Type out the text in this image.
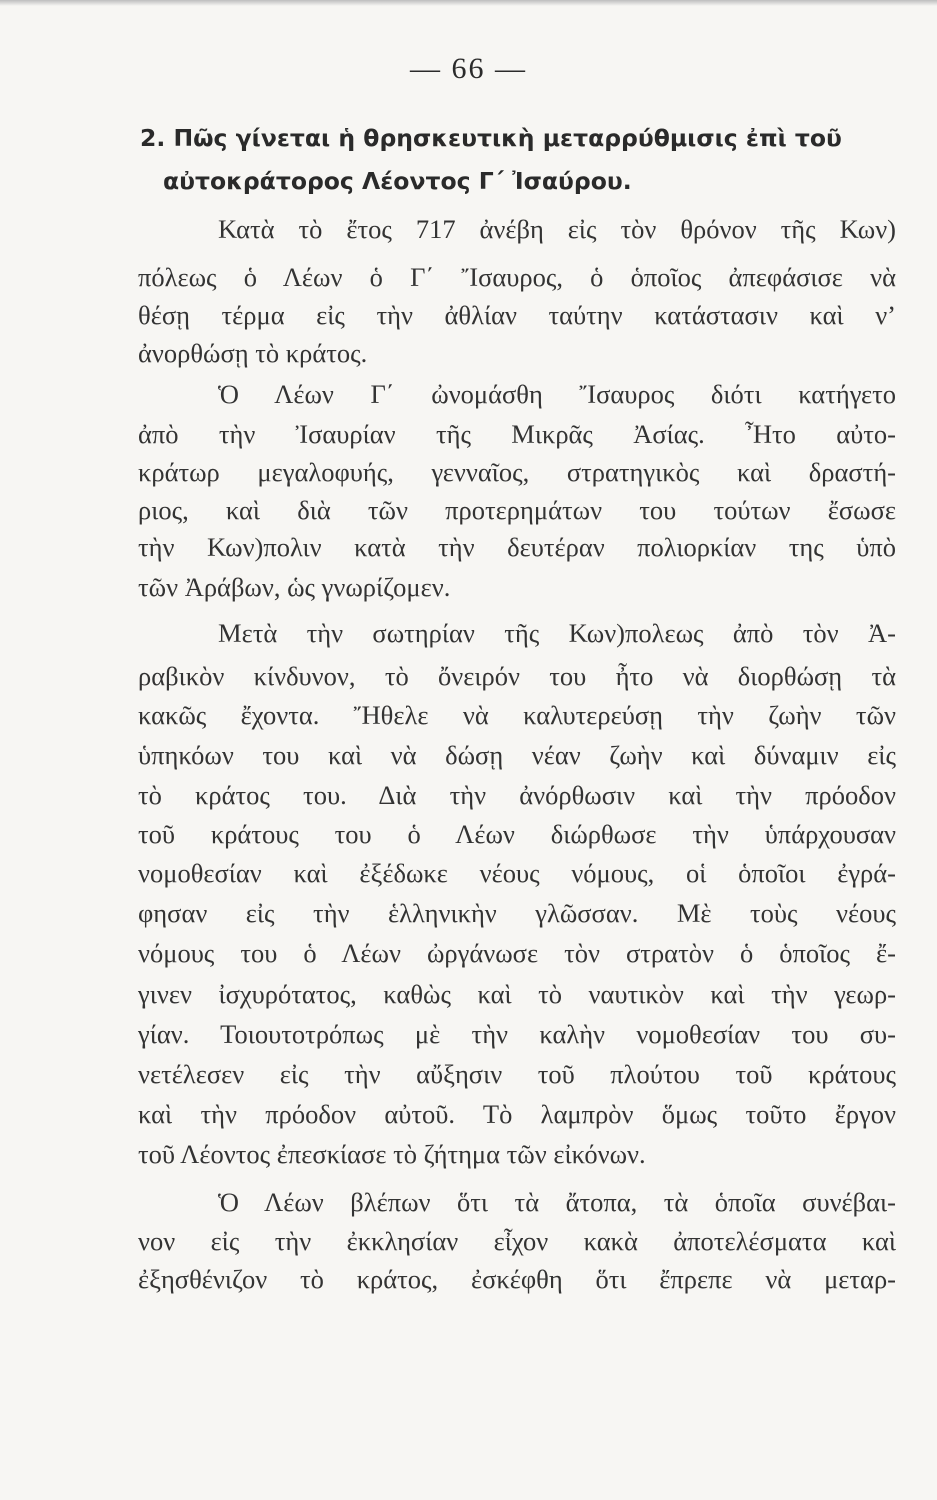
— 66 —
2. Πῶς γίνεται ἡ θρησκευτικὴ μεταρρύθμισις ἐπὶ τοῦ
αὐτοκράτορος Λέοντος Γ΄ Ἰσαύρου.
Κατὰ τὸ ἔτος 717 ἀνέβη εἰς τὸν θρόνον τῆς Κων)
πόλεως ὁ Λέων ὁ Γ΄ Ἴσαυρος, ὁ ὁποῖος ἀπεφάσισε νὰ
θέσῃ τέρμα εἰς τὴν ἀθλίαν ταύτην κατάστασιν καὶ ν’
ἀνορθώσῃ τὸ κράτος.
Ὁ Λέων Γ΄ ὠνομάσθη Ἴσαυρος διότι κατήγετο
ἀπὸ τὴν Ἰσαυρίαν τῆς Μικρᾶς Ἀσίας. Ἦτο αὐτο-
κράτωρ μεγαλοφυής, γενναῖος, στρατηγικὸς καὶ δραστή-
ριος, καὶ διὰ τῶν προτερημάτων του τούτων ἔσωσε
τὴν Κων)πολιν κατὰ τὴν δευτέραν πολιορκίαν της ὑπὸ
τῶν Ἀράβων, ὡς γνωρίζομεν.
Μετὰ τὴν σωτηρίαν τῆς Κων)πολεως ἀπὸ τὸν Ἀ-
ραβικὸν κίνδυνον, τὸ ὄνειρόν του ἦτο νὰ διορθώσῃ τὰ
κακῶς ἔχοντα. Ἤθελε νὰ καλυτερεύσῃ τὴν ζωὴν τῶν
ὑπηκόων του καὶ νὰ δώσῃ νέαν ζωὴν καὶ δύναμιν εἰς
τὸ κράτος του. Διὰ τὴν ἀνόρθωσιν καὶ τὴν πρόοδον
τοῦ κράτους του ὁ Λέων διώρθωσε τὴν ὑπάρχουσαν
νομοθεσίαν καὶ ἐξέδωκε νέους νόμους, οἱ ὁποῖοι ἐγρά-
φησαν εἰς τὴν ἑλληνικὴν γλῶσσαν. Μὲ τοὺς νέους
νόμους του ὁ Λέων ὠργάνωσε τὸν στρατὸν ὁ ὁποῖος ἔ-
γινεν ἰσχυρότατος, καθὼς καὶ τὸ ναυτικὸν καὶ τὴν γεωρ-
γίαν. Τοιουτοτρόπως μὲ τὴν καλὴν νομοθεσίαν του συ-
νετέλεσεν εἰς τὴν αὔξησιν τοῦ πλούτου τοῦ κράτους
καὶ τὴν πρόοδον αὐτοῦ. Τὸ λαμπρὸν ὅμως τοῦτο ἔργον
τοῦ Λέοντος ἐπεσκίασε τὸ ζήτημα τῶν εἰκόνων.
Ὁ Λέων βλέπων ὅτι τὰ ἄτοπα, τὰ ὁποῖα συνέβαι-
νον εἰς τὴν ἐκκλησίαν εἶχον κακὰ ἀποτελέσματα καὶ
ἐξησθένιζον τὸ κράτος, ἐσκέφθη ὅτι ἔπρεπε νὰ μεταρ-
